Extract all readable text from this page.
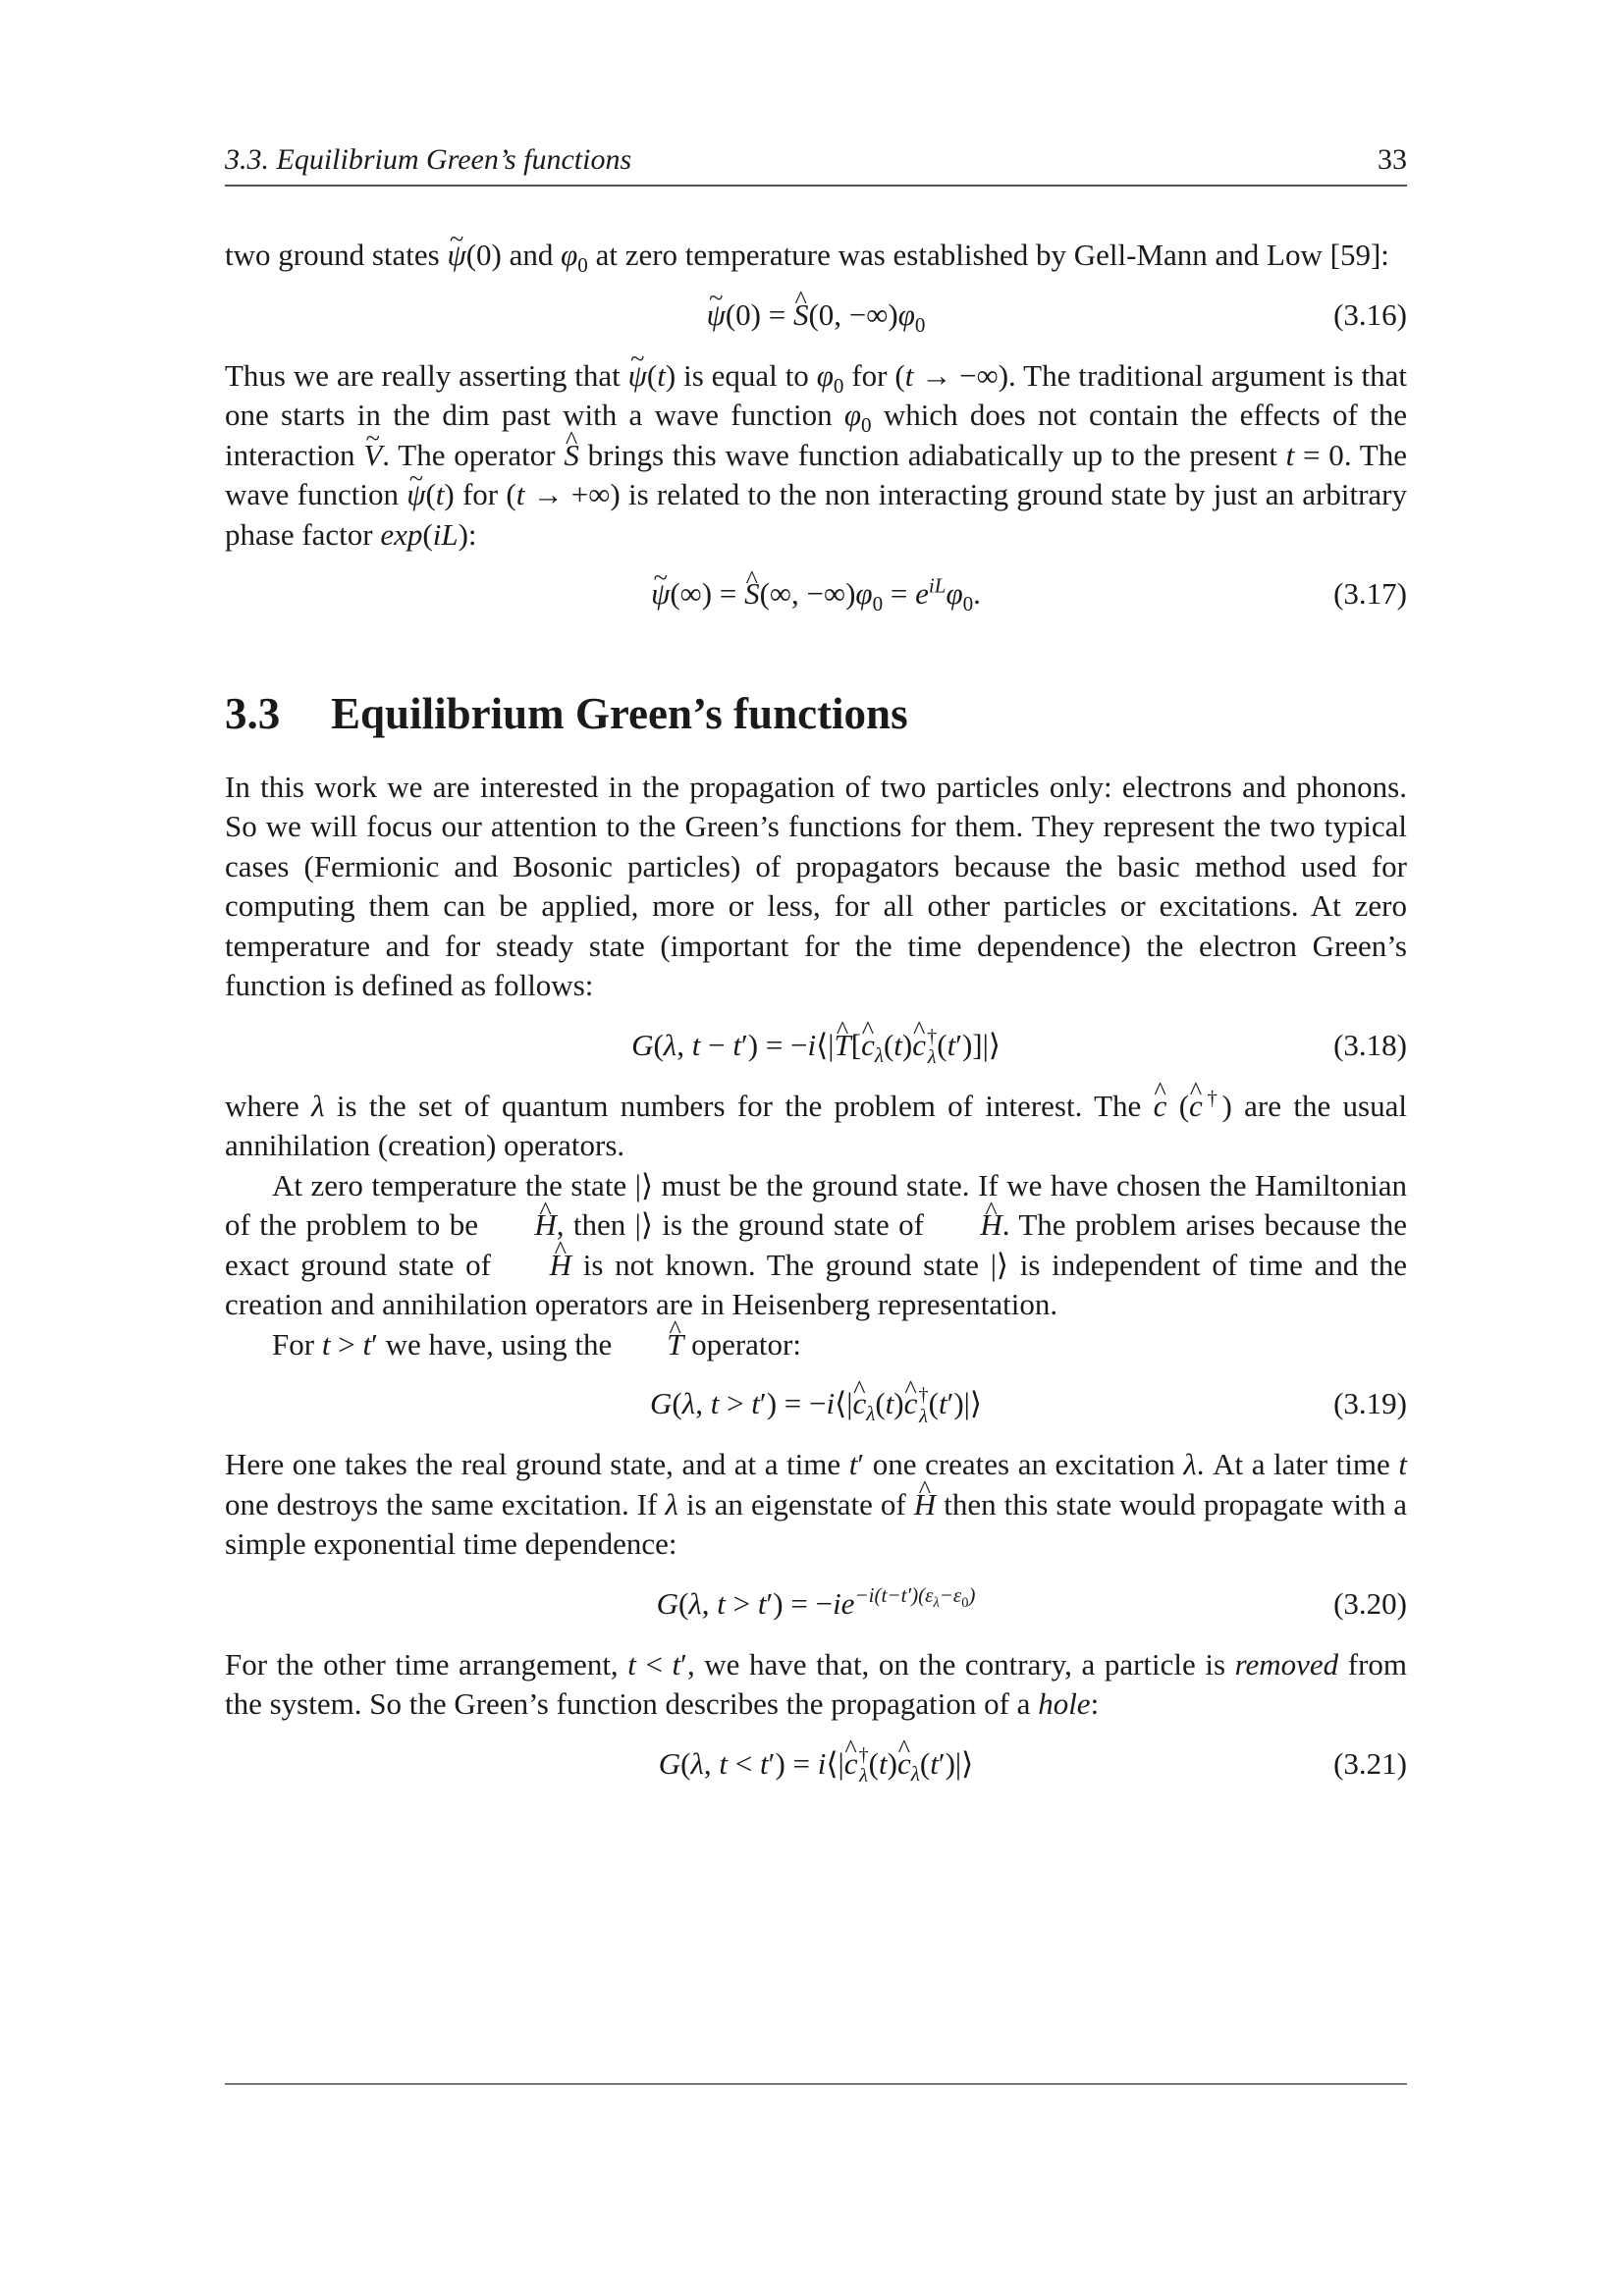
3.3. Equilibrium Green’s functions	33

two ground states ψ ~(0) and $\varphi_0$ at zero temperature was established by Gell-Mann and Low [59]:

ψ ~(0) = S ^(0, $-\infty)\varphi_0$	(3.16)

Thus we are really asserting that ψ ~(t) is equal to $\varphi_0$ for (t → −∞). The traditional argument is that one starts in the dim past with a wave function $\varphi_0$ which does not contain the effects of the interaction V ~. The operator S ^ brings this wave function adiabatically up to the present t = 0. The wave function ψ ~(t) for (t → +∞) is related to the non interacting ground state by just an arbitrary phase factor exp(iL):

ψ ~(∞) = S ^(∞, $-\infty)\varphi_0 = e^{iL}\varphi_0$.	(3.17)
3.3 Equilibrium Green’s functions

In this work we are interested in the propagation of two particles only: electrons and phonons. So we will focus our attention to the Green’s functions for them. They represent the two typical cases (Fermionic and Bosonic particles) of propagators because the basic method used for computing them can be applied, more or less, for all other particles or excitations. At zero temperature and for steady state (important for the time dependence) the electron Green’s function is defined as follows:

G(λ, t − t′) = −i⟨|T ^[c $\^{}_\lambda(t)c$ ^ †
λ (t′)]|⟩	(3.18)

where λ is the set of quantum numbers for the problem of interest. The c ^ (c ^†) are the usual annihilation (creation) operators.

At zero temperature the state |⟩ must be the ground state. If we have chosen the Hamiltonian of the problem to be H ^, then |⟩ is the ground state of H ^. The problem arises because the exact ground state of H ^ is not known. The ground state |⟩ is independent of time and the creation and annihilation operators are in Heisenberg representation.

For t > t′ we have, using the T ^ operator:

G(λ, t > t′) = −i⟨|c $\^{}_\lambda(t)c$ ^ †
λ (t′)|⟩	(3.19)

Here one takes the real ground state, and at a time t′ one creates an excitation λ. At a later time t one destroys the same excitation. If λ is an eigenstate of H ^ then this state would propagate with a simple exponential time dependence:

G(λ, $t > t') = -ie^{-i(t-t')(\varepsilon_\lambda-\varepsilon_0)}$	(3.20)

For the other time arrangement, t < t′, we have that, on the contrary, a particle is removed from the system. So the Green’s function describes the propagation of a hole:

G(λ, t < t′) = i⟨|c ^ †
λ (t)c $\^{}_\lambda(t')|⟩$	(3.21)
